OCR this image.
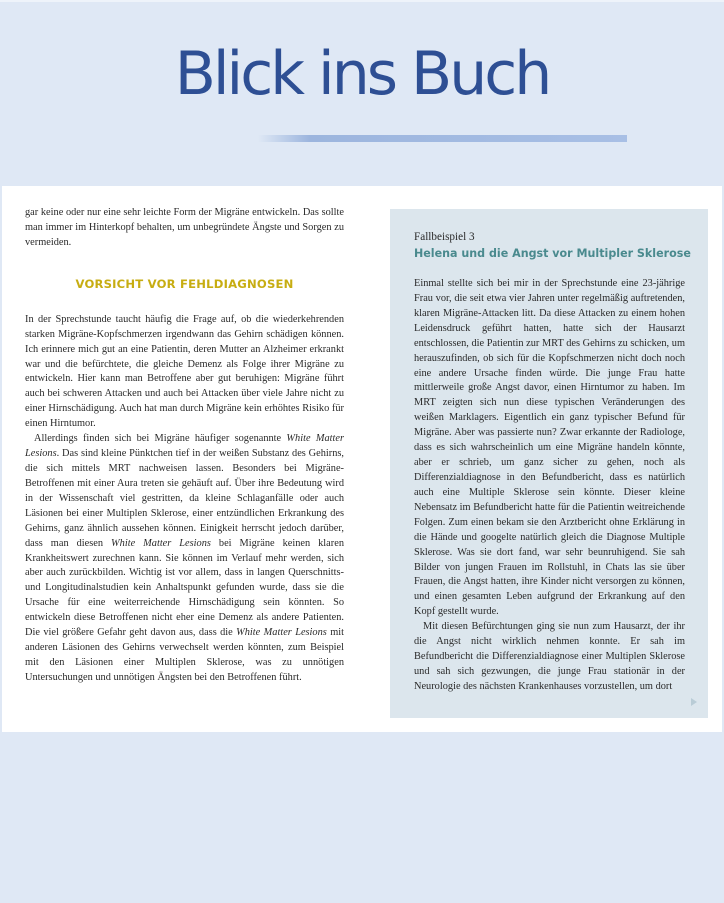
Blick ins Buch

gar keine oder nur eine sehr leichte Form der Migräne entwickeln. Das sollte man immer im Hinterkopf behalten, um unbegründete Ängste und Sorgen zu vermeiden.

VORSICHT VOR FEHLDIAGNOSEN

In der Sprechstunde taucht häufig die Frage auf, ob die wiederkehrenden starken Migräne-Kopfschmerzen irgendwann das Gehirn schädigen können. Ich erinnere mich gut an eine Patientin, deren Mutter an Alzheimer erkrankt war und die befürchtete, die gleiche Demenz als Folge ihrer Migräne zu entwickeln. Hier kann man Betroffene aber gut beruhigen: Migräne führt auch bei schweren Attacken und auch bei Attacken über viele Jahre nicht zu einer Hirnschädigung. Auch hat man durch Migräne kein erhöhtes Risiko für einen Hirntumor.

Allerdings finden sich bei Migräne häufiger sogenannte White Matter Lesions. Das sind kleine Pünktchen tief in der weißen Substanz des Gehirns, die sich mittels MRT nachweisen lassen. Besonders bei Migräne-Betroffenen mit einer Aura treten sie gehäuft auf. Über ihre Bedeutung wird in der Wissenschaft viel gestritten, da kleine Schlaganfälle oder auch Läsionen bei einer Multiplen Sklerose, einer entzündlichen Erkrankung des Gehirns, ganz ähnlich aussehen können. Einigkeit herrscht jedoch darüber, dass man diesen White Matter Lesions bei Migräne keinen klaren Krankheitswert zurechnen kann. Sie können im Verlauf mehr werden, sich aber auch zurückbilden. Wichtig ist vor allem, dass in langen Querschnitts- und Longitudinalstudien kein Anhaltspunkt gefunden wurde, dass sie die Ursache für eine weiterreichende Hirnschädigung sein könnten. So entwickeln diese Betroffenen nicht eher eine Demenz als andere Patienten. Die viel größere Gefahr geht davon aus, dass die White Matter Lesions mit anderen Läsionen des Gehirns verwechselt werden könnten, zum Beispiel mit den Läsionen einer Multiplen Sklerose, was zu unnötigen Untersuchungen und unnötigen Ängsten bei den Betroffenen führt.

Fallbeispiel 3
Helena und die Angst vor Multipler Sklerose

Einmal stellte sich bei mir in der Sprechstunde eine 23-jährige Frau vor, die seit etwa vier Jahren unter regelmäßig auftretenden, klaren Migräne-Attacken litt. Da diese Attacken zu einem hohen Leidensdruck geführt hatten, hatte sich der Hausarzt entschlossen, die Patientin zur MRT des Gehirns zu schicken, um herauszufinden, ob sich für die Kopfschmerzen nicht doch noch eine andere Ursache finden würde. Die junge Frau hatte mittlerweile große Angst davor, einen Hirntumor zu haben. Im MRT zeigten sich nun diese typischen Veränderungen des weißen Marklagers. Eigentlich ein ganz typischer Befund für Migräne. Aber was passierte nun? Zwar erkannte der Radiologe, dass es sich wahrscheinlich um eine Migräne handeln könnte, aber er schrieb, um ganz sicher zu gehen, noch als Differenzialdiagnose in den Befundbericht, dass es natürlich auch eine Multiple Sklerose sein könnte. Dieser kleine Nebensatz im Befundbericht hatte für die Patientin weitreichende Folgen. Zum einen bekam sie den Arztbericht ohne Erklärung in die Hände und googelte natürlich gleich die Diagnose Multiple Sklerose. Was sie dort fand, war sehr beunruhigend. Sie sah Bilder von jungen Frauen im Rollstuhl, in Chats las sie über Frauen, die Angst hatten, ihre Kinder nicht versorgen zu können, und einen gesamten Leben aufgrund der Erkrankung auf den Kopf gestellt wurde.

Mit diesen Befürchtungen ging sie nun zum Hausarzt, der ihr die Angst nicht wirklich nehmen konnte. Er sah im Befundbericht die Differenzialdiagnose einer Multiplen Sklerose und sah sich gezwungen, die junge Frau stationär in der Neurologie des nächsten Krankenhauses vorzustellen, um dort
